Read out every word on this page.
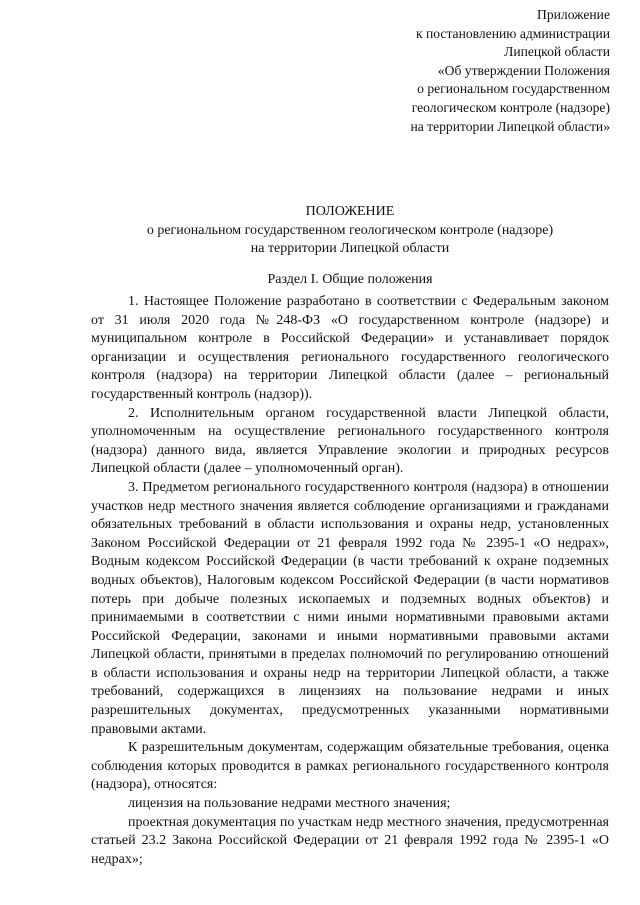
Приложение
к постановлению администрации
Липецкой области
«Об утверждении Положения
о региональном государственном
геологическом контроле (надзоре)
на территории Липецкой области»
ПОЛОЖЕНИЕ
о региональном государственном геологическом контроле (надзоре)
на территории Липецкой области
Раздел I. Общие положения

1. Настоящее Положение разработано в соответствии с Федеральным законом от 31 июля 2020 года №248-ФЗ «О государственном контроле (надзоре) и муниципальном контроле в Российской Федерации» и устанавливает порядок организации и осуществления регионального государственного геологического контроля (надзора) на территории Липецкой области (далее – региональный государственный контроль (надзор)).

2. Исполнительным органом государственной власти Липецкой области, уполномоченным на осуществление регионального государственного контроля (надзора) данного вида, является Управление экологии и природных ресурсов Липецкой области (далее – уполномоченный орган).

3. Предметом регионального государственного контроля (надзора) в отношении участков недр местного значения является соблюдение организациями и гражданами обязательных требований в области использования и охраны недр, установленных Законом Российской Федерации от 21 февраля 1992 года № 2395-1 «О недрах», Водным кодексом Российской Федерации (в части требований к охране подземных водных объектов), Налоговым кодексом Российской Федерации (в части нормативов потерь при добыче полезных ископаемых и подземных водных объектов) и принимаемыми в соответствии с ними иными нормативными правовыми актами Российской Федерации, законами и иными нормативными правовыми актами Липецкой области, принятыми в пределах полномочий по регулированию отношений в области использования и охраны недр на территории Липецкой области, а также требований, содержащихся в лицензиях на пользование недрами и иных разрешительных документах, предусмотренных указанными нормативными правовыми актами.

К разрешительным документам, содержащим обязательные требования, оценка соблюдения которых проводится в рамках регионального государственного контроля (надзора), относятся:

лицензия на пользование недрами местного значения;

проектная документация по участкам недр местного значения, предусмотренная статьей 23.2 Закона Российской Федерации от 21 февраля 1992 года № 2395-1 «О недрах»;
